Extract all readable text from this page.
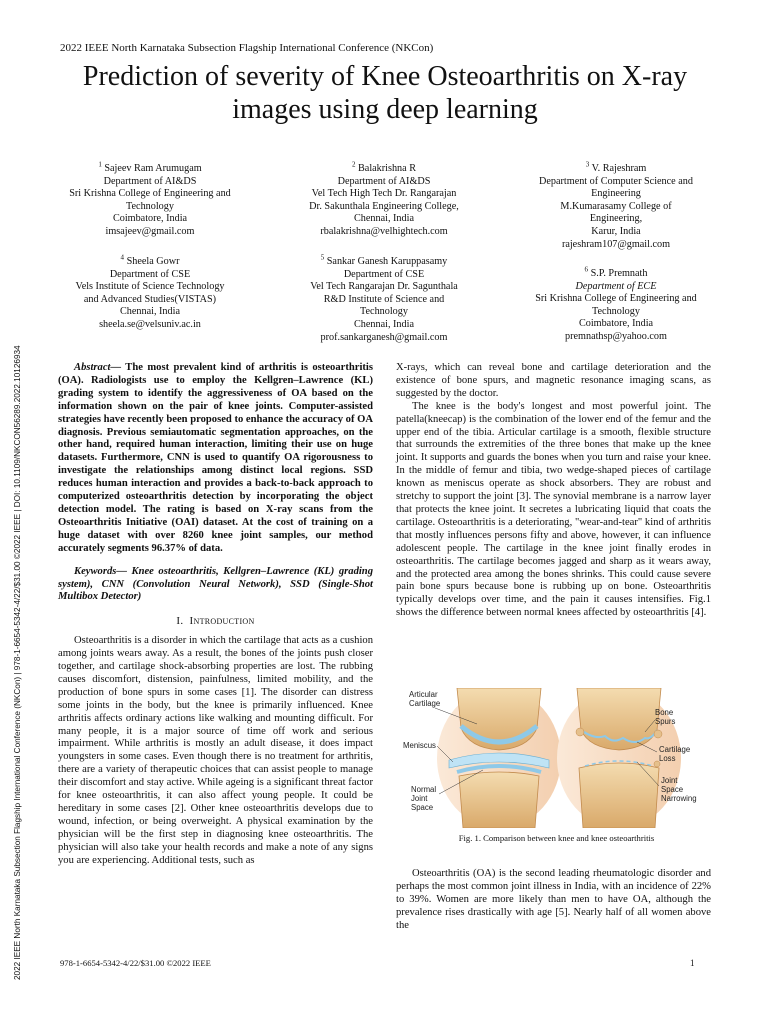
2022 IEEE North Karnataka Subsection Flagship International Conference (NKCon)
Prediction of severity of Knee Osteoarthritis on X-ray images using deep learning
2022 IEEE North Karnataka Subsection Flagship International Conference (NKCon) | 978-1-6654-5342-4/22/$31.00 ©2022 IEEE | DOI: 10.1109/NKCON56289.2022.10126934
$^1$ Sajeev Ram Arumugam
Department of AI&DS
Sri Krishna College of Engineering and
Technology
Coimbatore, India
imsajeev@gmail.com
$^2$ Balakrishna R
Department of AI&DS
Vel Tech High Tech Dr. Rangarajan
Dr. Sakunthala Engineering College,
Chennai, India
rbalakrishna@velhightech.com
$^3$ V. Rajeshram
Department of Computer Science and
Engineering
M.Kumarasamy College of
Engineering,
Karur, India
rajeshram107@gmail.com
$^4$ Sheela Gowr
Department of CSE
Vels Institute of Science Technology
and Advanced Studies(VISTAS)
Chennai, India
sheela.se@velsuniv.ac.in
$^5$ Sankar Ganesh Karuppasamy
Department of CSE
Vel Tech Rangarajan Dr. Sagunthala
R&D Institute of Science and
Technology
Chennai, India
prof.sankarganesh@gmail.com
$^6$ S.P. Premnath
Department of ECE
Sri Krishna College of Engineering and
Technology
Coimbatore, India
premnathsp@yahoo.com

Abstract— The most prevalent kind of arthritis is osteoarthritis (OA). Radiologists use to employ the Kellgren–Lawrence (KL) grading system to identify the aggressiveness of OA based on the information shown on the pair of knee joints. Computer-assisted strategies have recently been proposed to enhance the accuracy of OA diagnosis. Previous semiautomatic segmentation approaches, on the other hand, required human interaction, limiting their use on huge datasets. Furthermore, CNN is used to quantify OA rigorousness to investigate the relationships among distinct local regions. SSD reduces human interaction and provides a back-to-back approach to computerized osteoarthritis detection by incorporating the object detection model. The rating is based on X-ray scans from the Osteoarthritis Initiative (OAI) dataset. At the cost of training on a huge dataset with over 8260 knee joint samples, our method accurately segments 96.37% of data.

Keywords— Knee osteoarthritis, Kellgren–Lawrence (KL) grading system), CNN (Convolution Neural Network), SSD (Single-Shot Multibox Detector)

I. Introduction

Osteoarthritis is a disorder in which the cartilage that acts as a cushion among joints wears away. As a result, the bones of the joints push closer together, and cartilage shock-absorbing properties are lost. The rubbing causes discomfort, distension, painfulness, limited mobility, and the production of bone spurs in some cases [1]. The disorder can distress some joints in the body, but the knee is primarily influenced. Knee arthritis affects ordinary actions like walking and mounting difficult. For many people, it is a major source of time off work and serious impairment. While arthritis is mostly an adult disease, it does impact youngsters in some cases. Even though there is no treatment for arthritis, there are a variety of therapeutic choices that can assist people to manage their discomfort and stay active. While ageing is a significant threat factor for knee osteoarthritis, it can also affect young people. It could be hereditary in some cases [2]. Other knee osteoarthritis develops due to wound, infection, or being overweight. A physical examination by the physician will be the first step in diagnosing knee osteoarthritis. The physician will also take your health records and make a note of any signs you are experiencing. Additional tests, such as

X-rays, which can reveal bone and cartilage deterioration and the existence of bone spurs, and magnetic resonance imaging scans, as suggested by the doctor.

The knee is the body's longest and most powerful joint. The patella(kneecap) is the combination of the lower end of the femur and the upper end of the tibia. Articular cartilage is a smooth, flexible structure that surrounds the extremities of the three bones that make up the knee joint. It supports and guards the bones when you turn and raise your knee. In the middle of femur and tibia, two wedge-shaped pieces of cartilage known as meniscus operate as shock absorbers. They are robust and stretchy to support the joint [3]. The synovial membrane is a narrow layer that protects the knee joint. It secretes a lubricating liquid that coats the cartilage. Osteoarthritis is a deteriorating, "wear-and-tear" kind of arthritis that mostly influences persons fifty and above, however, it can influence adolescent people. The cartilage in the knee joint finally erodes in osteoarthritis. The cartilage becomes jagged and sharp as it wears away, and the protected area among the bones shrinks. This could cause severe pain bone spurs because bone is rubbing up on bone. Osteoarthritis typically develops over time, and the pain it causes intensifies. Fig.1 shows the difference between normal knees affected by osteoarthritis [4].

Articular
Cartilage
Meniscus
Normal
Joint
Space
Bone
Spurs
Cartilage
Loss
Joint
Space
Narrowing
Fig. 1. Comparison between knee and knee osteoarthritis

Osteoarthritis (OA) is the second leading rheumatologic disorder and perhaps the most common joint illness in India, with an incidence of 22% to 39%. Women are more likely than men to have OA, although the prevalence rises drastically with age [5]. Nearly half of all women above the

978-1-6654-5342-4/22/$31.00 ©2022 IEEE	1
